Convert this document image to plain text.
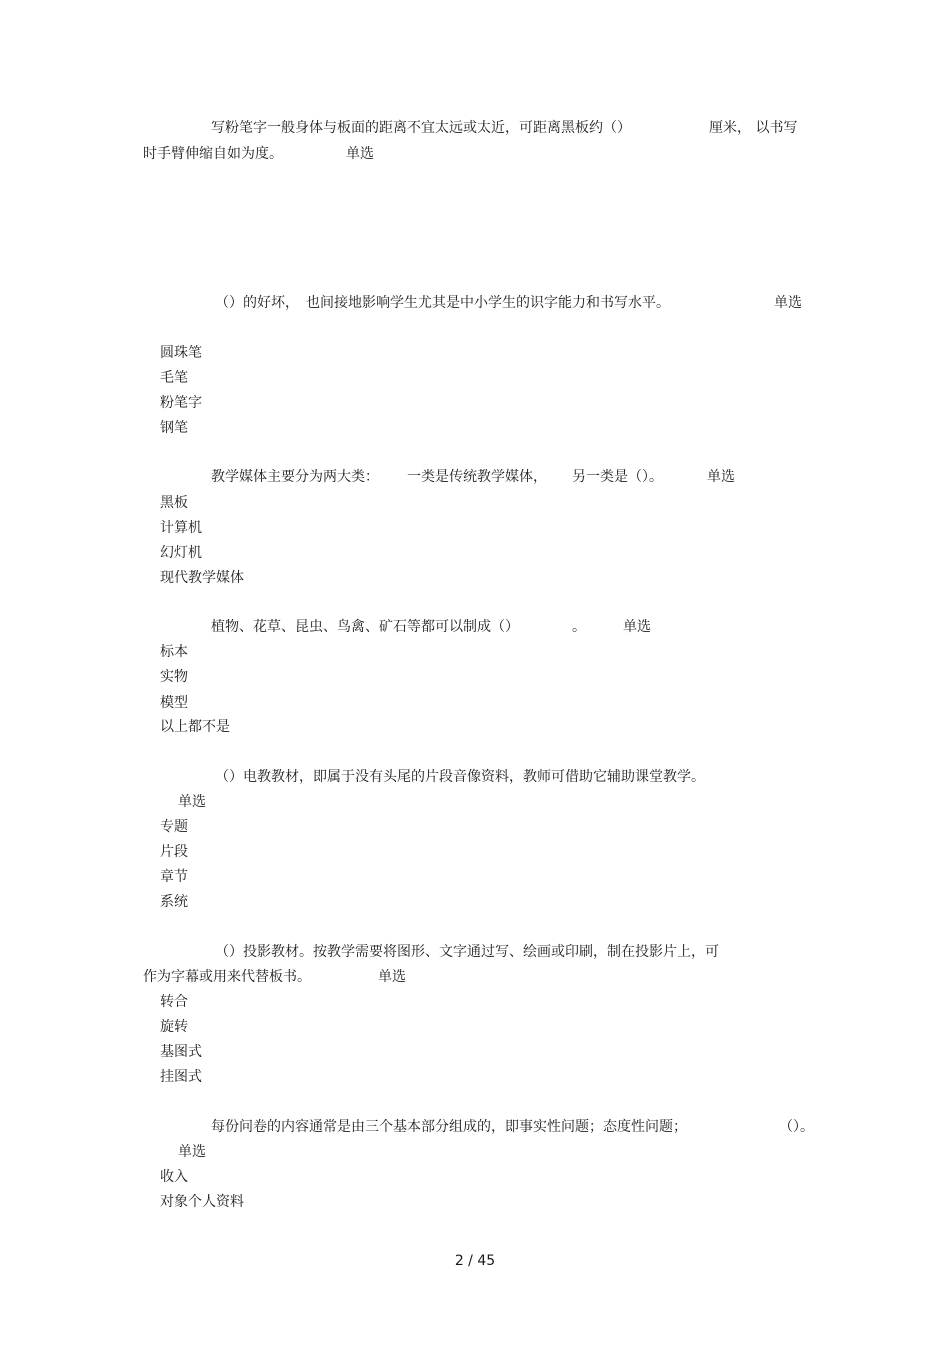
写粉笔字一般身体与板面的距离不宜太远或太近，可距离黑板约（）	厘米， 以书写
时手臂伸缩自如为度。	单选
（）的好坏， 也间接地影响学生尤其是中小学生的识字能力和书写水平。	单选
圆珠笔
毛笔
粉笔字
钢笔
教学媒体主要分为两大类： 一类是传统教学媒体， 另一类是（）。	单选
黑板
计算机
幻灯机
现代教学媒体
植物、花草、昆虫、鸟禽、矿石等都可以制成（）	。	单选
标本
实物
模型
以上都不是
（）电教教材，即属于没有头尾的片段音像资料，教师可借助它辅助课堂教学。
单选
专题
片段
章节
系统
（）投影教材。按教学需要将图形、文字通过写、绘画或印刷，制在投影片上，可
作为字幕或用来代替板书。	单选
转合
旋转
基图式
挂图式
每份问卷的内容通常是由三个基本部分组成的，即事实性问题；态度性问题；	（）。
单选
收入
对象个人资料
2 / 45
